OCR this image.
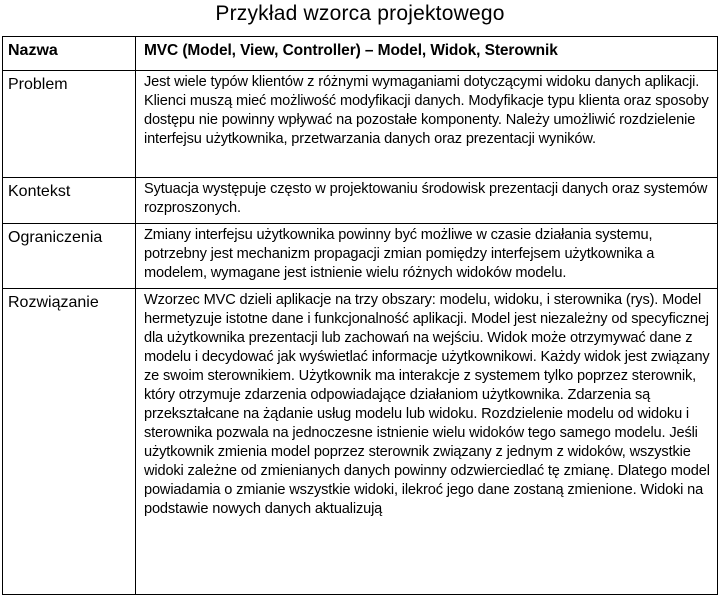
Przykład wzorca projektowego
Nazwa	MVC (Model, View, Controller) – Model, Widok, Sterownik
Problem	Jest wiele typów klientów z różnymi wymaganiami dotyczącymi widoku danych aplikacji. Klienci muszą mieć możliwość modyfikacji danych. Modyfikacje typu klienta oraz sposoby dostępu nie powinny wpływać na pozostałe komponenty. Należy umożliwić rozdzielenie interfejsu użytkownika, przetwarzania danych oraz prezentacji wyników.
Kontekst	Sytuacja występuje często w projektowaniu środowisk prezentacji danych oraz systemów rozproszonych.
Ograniczenia	Zmiany interfejsu użytkownika powinny być możliwe w czasie działania systemu, potrzebny jest mechanizm propagacji zmian pomiędzy interfejsem użytkownika a modelem, wymagane jest istnienie wielu różnych widoków modelu.
Rozwiązanie	Wzorzec MVC dzieli aplikacje na trzy obszary: modelu, widoku, i sterownika (rys). Model hermetyzuje istotne dane i funkcjonalność aplikacji. Model jest niezależny od specyficznej dla użytkownika prezentacji lub zachowań na wejściu. Widok może otrzymywać dane z modelu i decydować jak wyświetlać informacje użytkownikowi. Każdy widok jest związany ze swoim sterownikiem. Użytkownik ma interakcje z systemem tylko poprzez sterownik, który otrzymuje zdarzenia odpowiadające działaniom użytkownika. Zdarzenia są przekształcane na żądanie usług modelu lub widoku. Rozdzielenie modelu od widoku i sterownika pozwala na jednoczesne istnienie wielu widoków tego samego modelu. Jeśli użytkownik zmienia model poprzez sterownik związany z jednym z widoków, wszystkie widoki zależne od zmienianych danych powinny odzwierciedlać tę zmianę. Dlatego model powiadamia o zmianie wszystkie widoki, ilekroć jego dane zostaną zmienione. Widoki na podstawie nowych danych aktualizują
